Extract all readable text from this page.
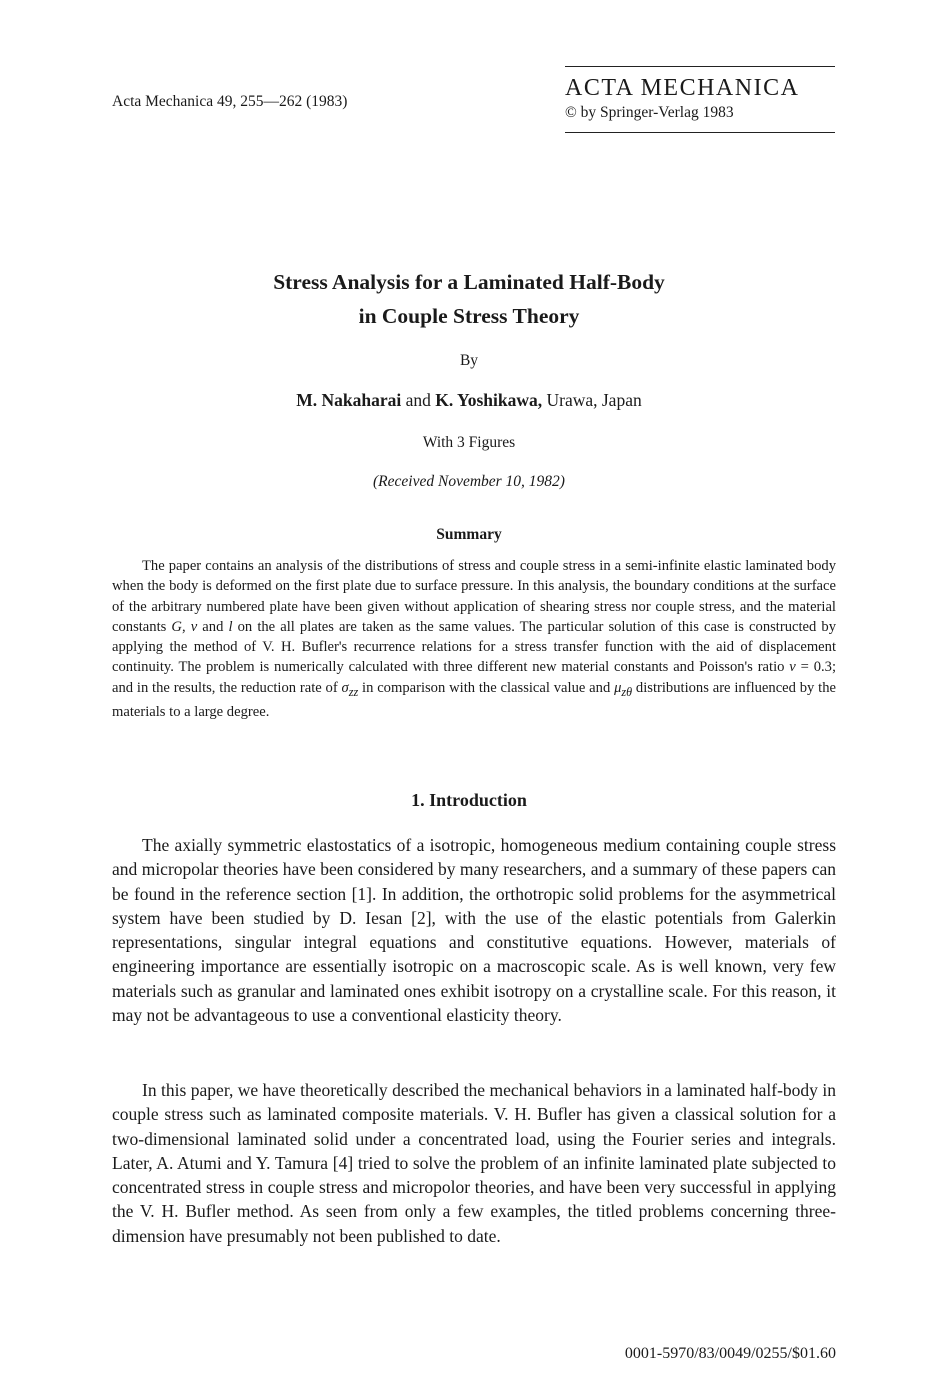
Acta Mechanica 49, 255—262 (1983)
ACTA MECHANICA
© by Springer-Verlag 1983
Stress Analysis for a Laminated Half-Body
in Couple Stress Theory
By
M. Nakaharai and K. Yoshikawa, Urawa, Japan
With 3 Figures
(Received November 10, 1982)
Summary

The paper contains an analysis of the distributions of stress and couple stress in a semi-infinite elastic laminated body when the body is deformed on the first plate due to surface pressure. In this analysis, the boundary conditions at the surface of the arbitrary numbered plate have been given without application of shearing stress nor couple stress, and the material constants G, ν and l on the all plates are taken as the same values. The particular solution of this case is constructed by applying the method of V. H. Bufler's recurrence relations for a stress transfer function with the aid of displacement continuity. The problem is numerically calculated with three different new material constants and Poisson's ratio ν = 0.3; and in the results, the reduction rate of $\sigma_{zz}$ in comparison with the classical value and $\mu_{z\theta}$ distributions are influenced by the materials to a large degree.

1. Introduction

The axially symmetric elastostatics of a isotropic, homogeneous medium containing couple stress and micropolar theories have been considered by many researchers, and a summary of these papers can be found in the reference section [1]. In addition, the orthotropic solid problems for the asymmetrical system have been studied by D. Iesan [2], with the use of the elastic potentials from Galerkin representations, singular integral equations and constitutive equations. However, materials of engineering importance are essentially isotropic on a macroscopic scale. As is well known, very few materials such as granular and laminated ones exhibit isotropy on a crystalline scale. For this reason, it may not be advantageous to use a conventional elasticity theory.

In this paper, we have theoretically described the mechanical behaviors in a laminated half-body in couple stress such as laminated composite materials. V. H. Bufler has given a classical solution for a two-dimensional laminated solid under a concentrated load, using the Fourier series and integrals. Later, A. Atumi and Y. Tamura [4] tried to solve the problem of an infinite laminated plate subjected to concentrated stress in couple stress and micropolor theories, and have been very successful in applying the V. H. Bufler method. As seen from only a few examples, the titled problems concerning three-dimension have presumably not been published to date.

0001-5970/83/0049/0255/$01.60
